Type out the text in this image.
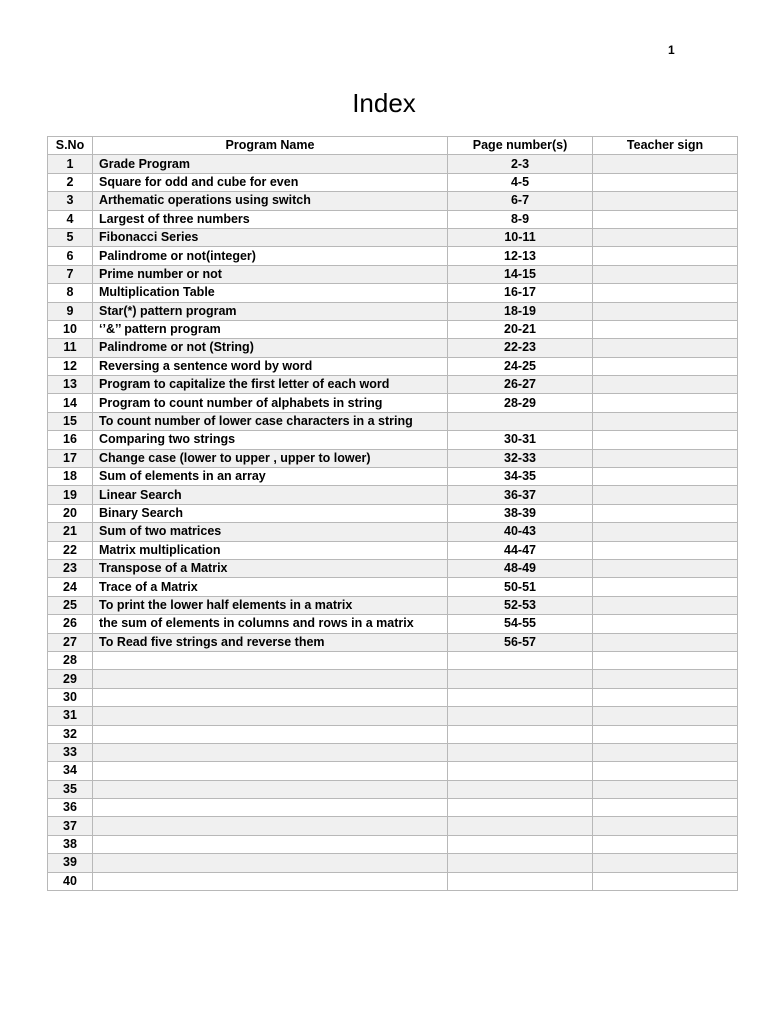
1
Index
S.No	Program Name	Page number(s)	Teacher sign
1	Grade Program	2-3	
2	Square for odd and cube for even	4-5	
3	Arthematic operations using switch	6-7	
4	Largest of three numbers	8-9	
5	Fibonacci Series	10-11	
6	Palindrome or not(integer)	12-13	
7	Prime number or not	14-15	
8	Multiplication Table	16-17	
9	Star(*) pattern program	18-19	
10	‘’&’’ pattern program	20-21	
11	Palindrome or not (String)	22-23	
12	Reversing a sentence word by word	24-25	
13	Program to capitalize the first letter of each word	26-27	
14	Program to count number of alphabets in string	28-29	
15	To count number of lower case characters in a string		
16	Comparing two strings	30-31	
17	Change case (lower to upper , upper to lower)	32-33	
18	Sum of elements in an array	34-35	
19	Linear Search	36-37	
20	Binary Search	38-39	
21	Sum of two matrices	40-43	
22	Matrix multiplication	44-47	
23	Transpose of a Matrix	48-49	
24	Trace of a Matrix	50-51	
25	To print the lower half elements in a matrix	52-53	
26	the sum of elements in columns and rows in a matrix	54-55	
27	To Read five strings and reverse them	56-57	
28			
29			
30			
31			
32			
33			
34			
35			
36			
37			
38			
39			
40			
